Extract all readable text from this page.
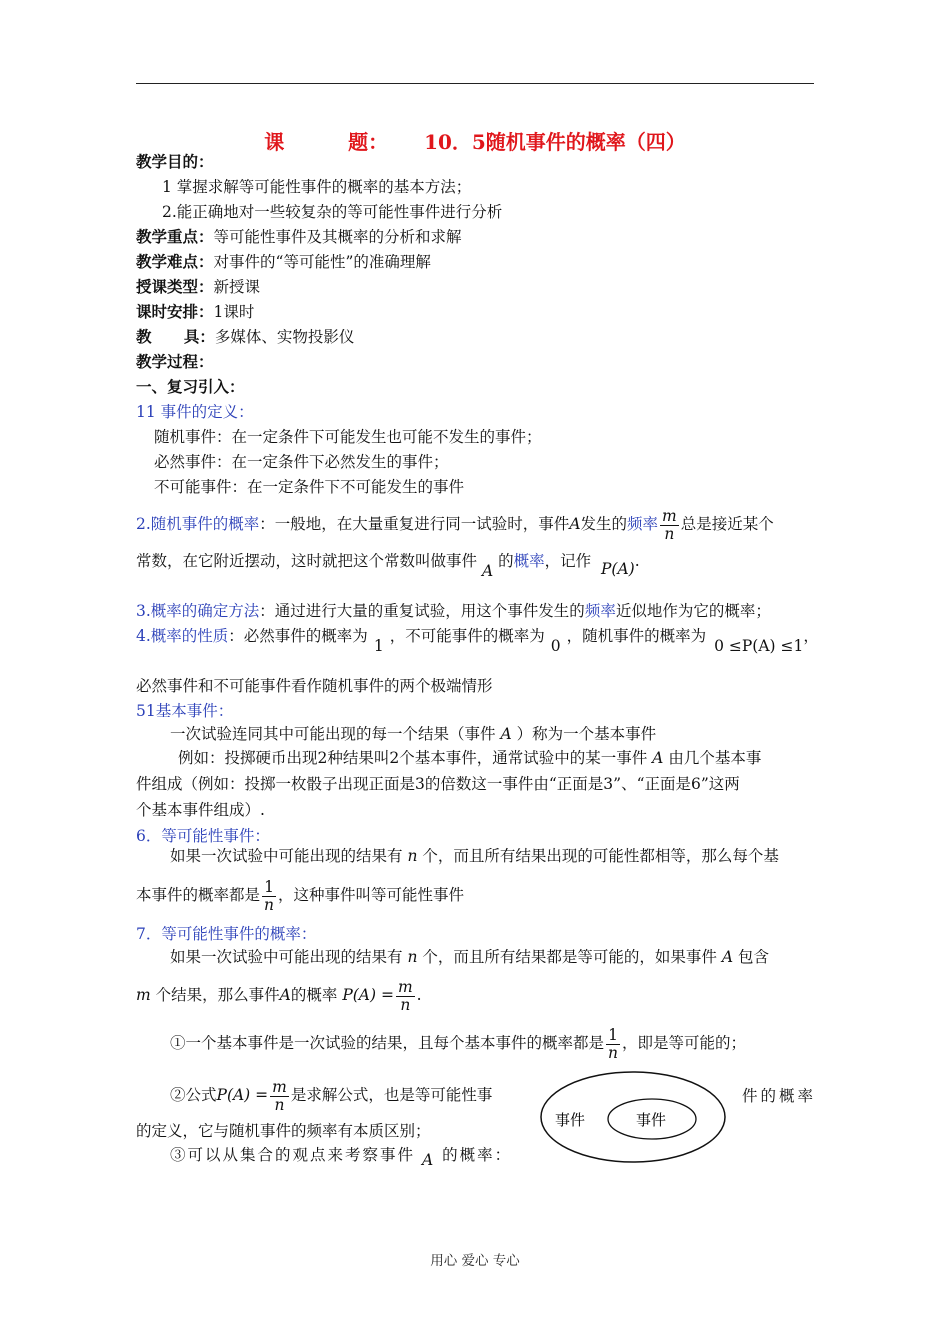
课	题： 10．5随机事件的概率（四）
教学目的：
1 掌握求解等可能性事件的概率的基本方法；
2.能正确地对一些较复杂的等可能性事件进行分析
教学重点：等可能性事件及其概率的分析和求解
教学难点：对事件的“等可能性”的准确理解
授课类型：新授课
课时安排：1课时
教      具：多媒体、实物投影仪
教学过程：
一、复习引入：
11 事件的定义：
随机事件：在一定条件下可能发生也可能不发生的事件；
必然事件：在一定条件下必然发生的事件；
不可能事件：在一定条件下不可能发生的事件
2.随机事件的概率：一般地，在大量重复进行同一试验时，事件A发生的频率 $\frac{m}{n}$ 总是接近某个
常数，在它附近摆动，这时就把这个常数叫做事件 A 的概率，记作 P(A).
3.概率的确定方法：通过进行大量的重复试验，用这个事件发生的频率近似地作为它的概率；
4.概率的性质：必然事件的概率为1，不可能事件的概率为0，随机事件的概率为0 ≤P(A) ≤1，
必然事件和不可能事件看作随机事件的两个极端情形
51基本事件：
一次试验连同其中可能出现的每一个结果（事件 A ）称为一个基本事件
例如：投掷硬币出现2种结果叫2个基本事件，通常试验中的某一事件 A 由几个基本事
件组成（例如：投掷一枚骰子出现正面是3的倍数这一事件由“正面是3”、“正面是6”这两
个基本事件组成）.
6．等可能性事件：
如果一次试验中可能出现的结果有 n 个，而且所有结果出现的可能性都相等，那么每个基
本事件的概率都是 $\frac{1}{n}$ ，这种事件叫等可能性事件
7．等可能性事件的概率：
如果一次试验中可能出现的结果有 n 个，而且所有结果都是等可能的，如果事件 A 包含
m 个结果，那么事件A的概率 $P(A) = \frac{m}{n}$ .
①一个基本事件是一次试验的结果，且每个基本事件的概率都是 $\frac{1}{n}$ ，即是等可能的；
②公式$P(A) = \frac{m}{n}$ 是求解公式，也是等可能性事	件的概率
的定义，它与随机事件的频率有本质区别；
③可以从集合的观点来考察事件 A 的概率：
事件	事件
用心 爱心 专心
